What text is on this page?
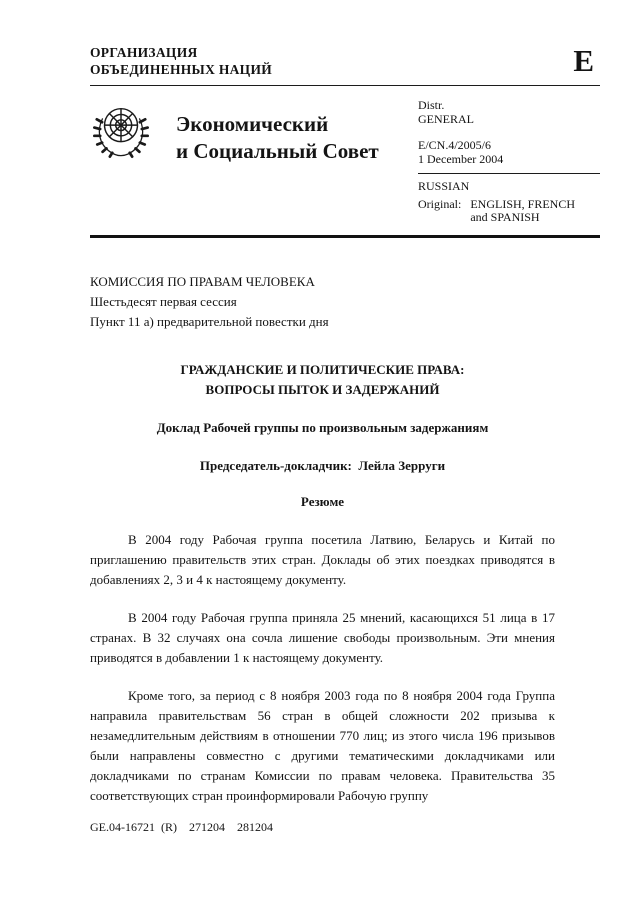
ОРГАНИЗАЦИЯ
ОБЪЕДИНЕННЫХ НАЦИЙ	E
Экономический
и Социальный Совет
Distr.
GENERAL
E/CN.4/2005/6
1 December 2004
RUSSIAN
Original: ENGLISH, FRENCH
and SPANISH
КОМИССИЯ ПО ПРАВАМ ЧЕЛОВЕКА
Шестьдесят первая сессия
Пункт 11 а) предварительной повестки дня
ГРАЖДАНСКИЕ И ПОЛИТИЧЕСКИЕ ПРАВА:
ВОПРОСЫ ПЫТОК И ЗАДЕРЖАНИЙ
Доклад Рабочей группы по произвольным задержаниям
Председатель-докладчик:  Лейла Зерруги
Резюме

В 2004 году Рабочая группа посетила Латвию, Беларусь и Китай по приглашению правительств этих стран. Доклады об этих поездках приводятся в добавлениях 2, 3 и 4 к настоящему документу.

В 2004 году Рабочая группа приняла 25 мнений, касающихся 51 лица в 17 странах. В 32 случаях она сочла лишение свободы произвольным. Эти мнения приводятся в добавлении 1 к настоящему документу.

Кроме того, за период с 8 ноября 2003 года по 8 ноября 2004 года Группа направила правительствам 56 стран в общей сложности 202 призыва к незамедлительным действиям в отношении 770 лиц; из этого числа 196 призывов были направлены совместно с другими тематическими докладчиками или докладчиками по странам Комиссии по правам человека. Правительства 35 соответствующих стран проинформировали Рабочую группу

GE.04-16721  (R)    271204    281204
